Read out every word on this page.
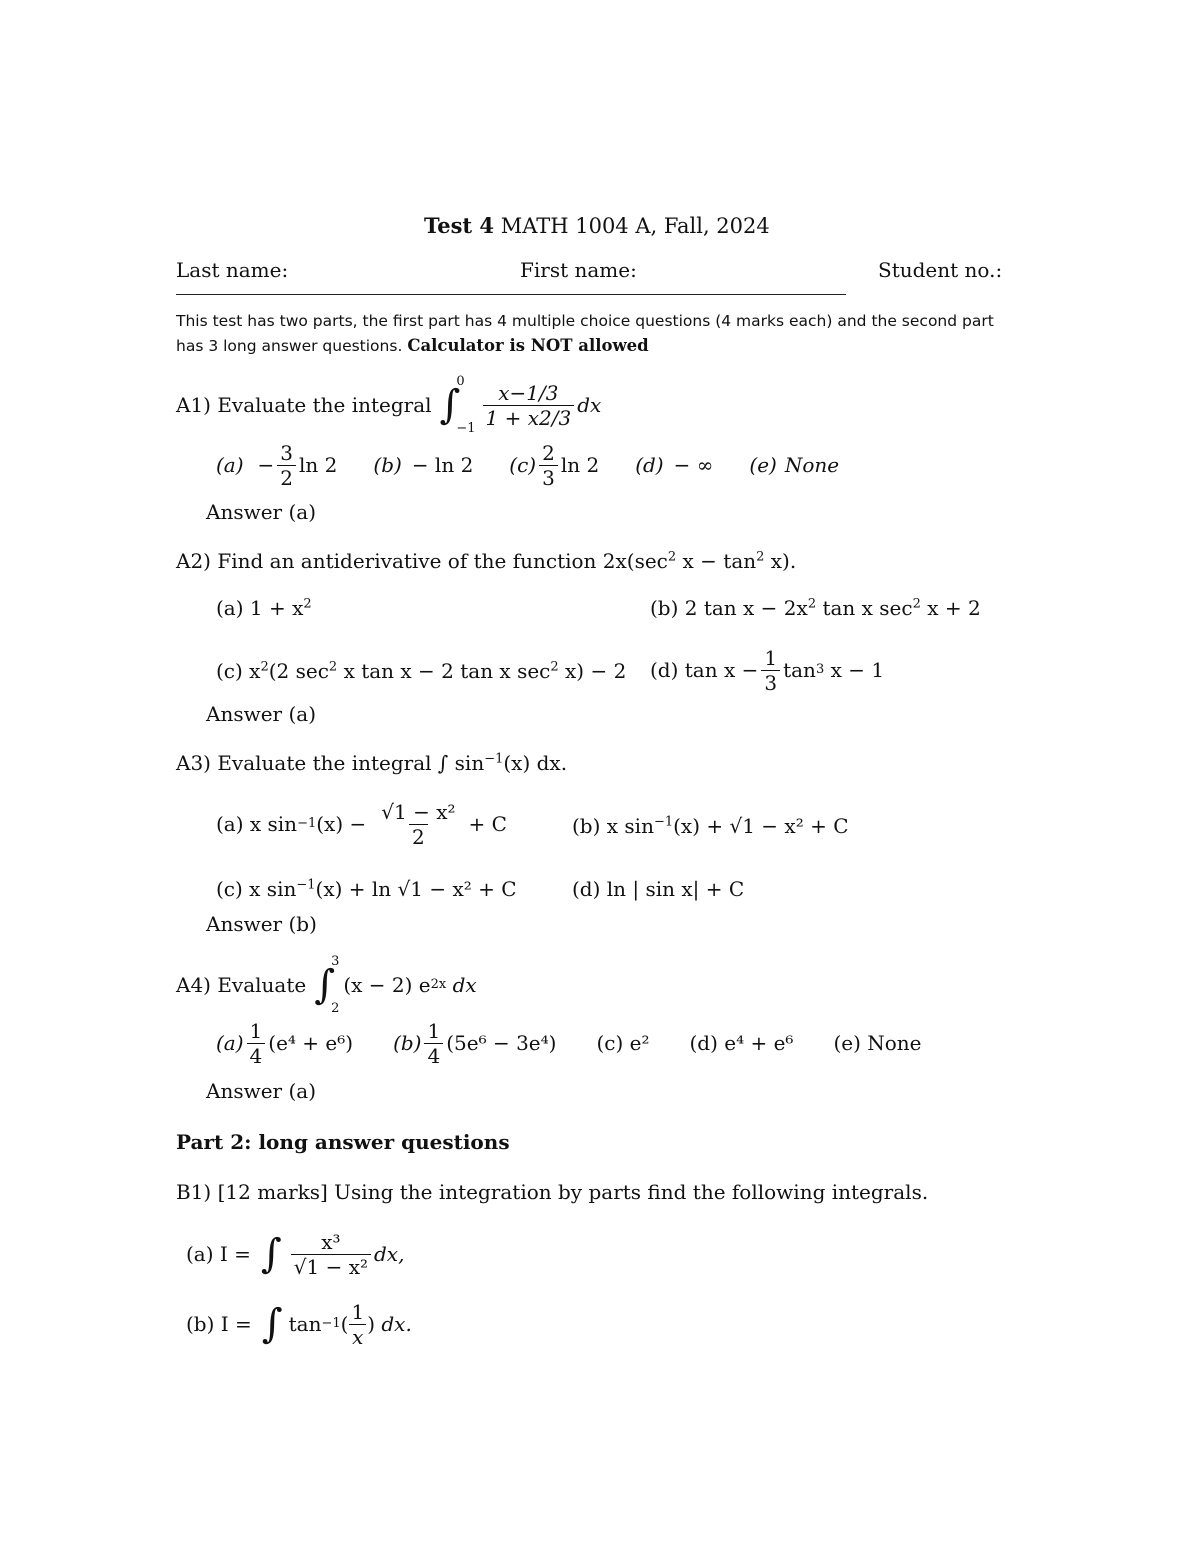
Test 4 MATH 1004 A, Fall, 2024
Last name:	First name:	Student no.:
This test has two parts, the first part has 4 multiple choice questions (4 marks each) and the second part
has 3 long answer questions. Calculator is NOT allowed
A1) Evaluate the integral ∫
0
$-1 \frac{x-1/3}{1 + x2/3}$ dx
$(a) - \frac{3}{2}$ ln 2 (b) − ln 2 $(c) \frac{2}{3}$ ln 2 (d) − ∞ (e) None
Answer (a)
A2) Find an antiderivative of the function $2x(\sec^2$ $x - \tan^2 x$).
(a) $1 + x^2$	(b) 2 $\tan x - 2x^2$ tan x $\sec^2 x + 2$
(c) $x^2(2$ $\sec^2 x$ tan x − 2 tan x $\sec^2 x) - 2$ (d) $\tan x - \frac{1}{3}$ tan 3
x − 1
Answer (a)
A3) Evaluate the integral ∫ $\sin^{-1}(x)$ dx.
(a) x sin −1 $(x) - \frac{\text{√1 − x²}}{2} + C$	(b) x $\sin^{-1}(x) + √1 - x^2 + C$
(c) x $\sin^{-1}(x) + \ln √1 - x^2 + C$	(d) ln | sin x| + C
Answer (b)
A4) Evaluate ∫
3
2
(x − 2) e 2x
dx
$(a) \frac{1}{4} (e^4 + e^6)$ $(b) \frac{1}{4} (5e^6 - 3e^4)$ (c) e² (d) e⁴ + e⁶ (e) None
Answer (a)
Part 2: long answer questions
B1) [12 marks] Using the integration by parts find the following integrals.
(a) I = ∫ $\frac{\text{x³}}{\text{√1 − x²}}$ dx,
(b) I = ∫ tan −1 ( $\frac{1}{x}$ ) dx.
